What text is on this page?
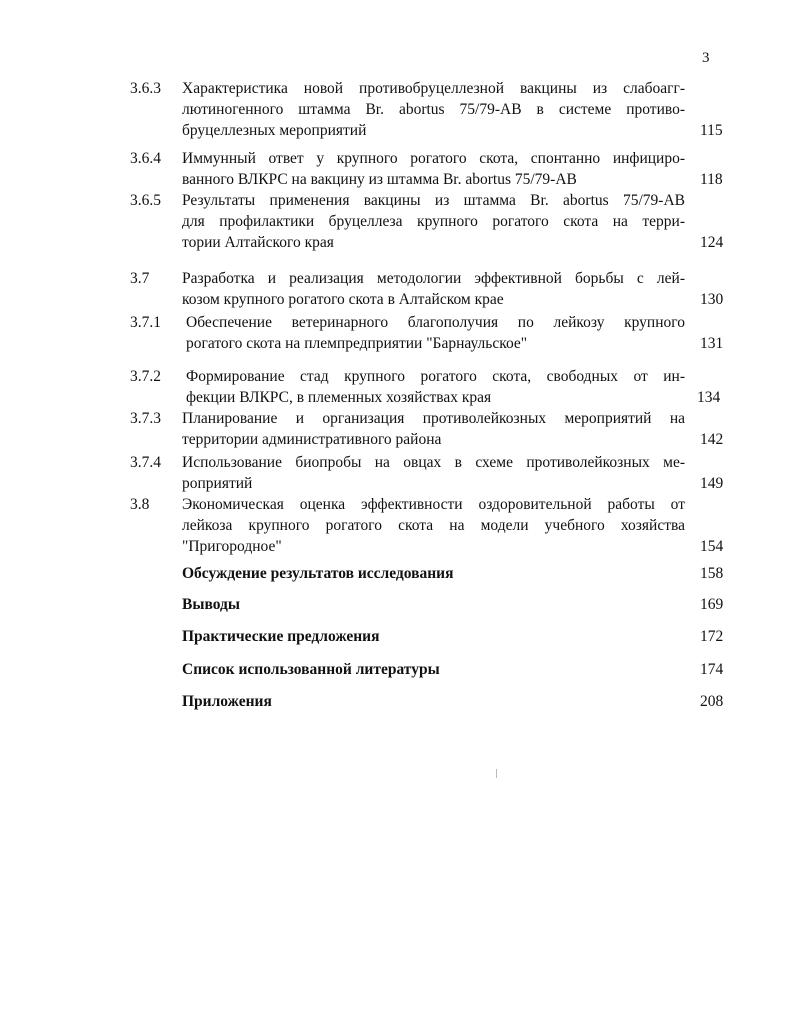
3
3.6.3 Характеристика новой противобруцеллезной вакцины из слабоагг-
лютиногенного штамма Br. abortus 75/79-АВ в системе противо-
бруцеллезных мероприятий	115
3.6.4 Иммунный ответ у крупного рогатого скота, спонтанно инфициро-
ванного ВЛКРС на вакцину из штамма Br. abortus 75/79-АВ	118
3.6.5 Результаты применения вакцины из штамма Br. abortus 75/79-АВ
для профилактики бруцеллеза крупного рогатого скота на терри-
тории Алтайского края	124
3.7 Разработка и реализация методологии эффективной борьбы с лей-
козом крупного рогатого скота в Алтайском крае	130
3.7.1 Обеспечение ветеринарного благополучия по лейкозу крупного
рогатого скота на племпредприятии "Барнаульское"	131
3.7.2 Формирование стад крупного рогатого скота, свободных от ин-
фекции ВЛКРС, в племенных хозяйствах края	134
3.7.3 Планирование и организация противолейкозных мероприятий на
территории административного района	142
3.7.4 Использование биопробы на овцах в схеме противолейкозных ме-
роприятий	149
3.8 Экономическая оценка эффективности оздоровительной работы от
лейкоза крупного рогатого скота на модели учебного хозяйства
"Пригородное"	154
Обсуждение результатов исследования	158
Выводы	169
Практические предложения	172
Список использованной литературы	174
Приложения	208
